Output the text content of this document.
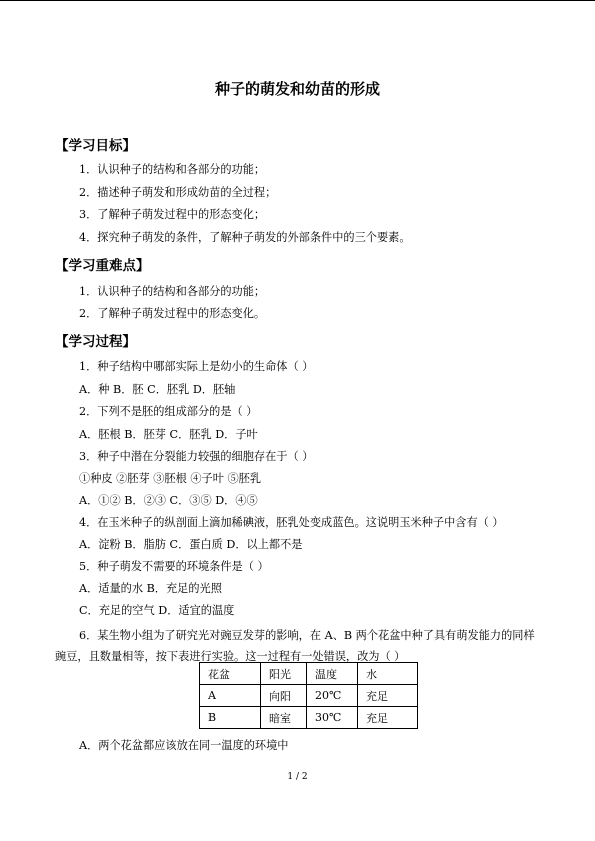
种子的萌发和幼苗的形成
【学习目标】
1．认识种子的结构和各部分的功能；
2．描述种子萌发和形成幼苗的全过程；
3．了解种子萌发过程中的形态变化；
4．探究种子萌发的条件，了解种子萌发的外部条件中的三个要素。
【学习重难点】
1．认识种子的结构和各部分的功能；
2．了解种子萌发过程中的形态变化。
【学习过程】
1．种子结构中哪部实际上是幼小的生命体（ ）
A．种 B．胚 C．胚乳 D．胚轴
2．下列不是胚的组成部分的是（ ）
A．胚根 B．胚芽 C．胚乳 D．子叶
3．种子中潜在分裂能力较强的细胞存在于（ ）
①种皮 ②胚芽 ③胚根 ④子叶 ⑤胚乳
A．①② B．②③ C．③⑤ D．④⑤
4．在玉米种子的纵剖面上滴加稀碘液，胚乳处变成蓝色。这说明玉米种子中含有（ ）
A．淀粉 B．脂肪 C．蛋白质 D．以上都不是
5．种子萌发不需要的环境条件是（ ）
A．适量的水 B．充足的光照
C．充足的空气 D．适宜的温度
6．某生物小组为了研究光对豌豆发芽的影响，在 A、B 两个花盆中种了具有萌发能力的同样豌豆，且数量相等，按下表进行实验。这一过程有一处错误，改为（ ）
花盆	阳光	温度	水
A	向阳	20℃	充足
B	暗室	30℃	充足
A．两个花盆都应该放在同一温度的环境中
1 / 2
